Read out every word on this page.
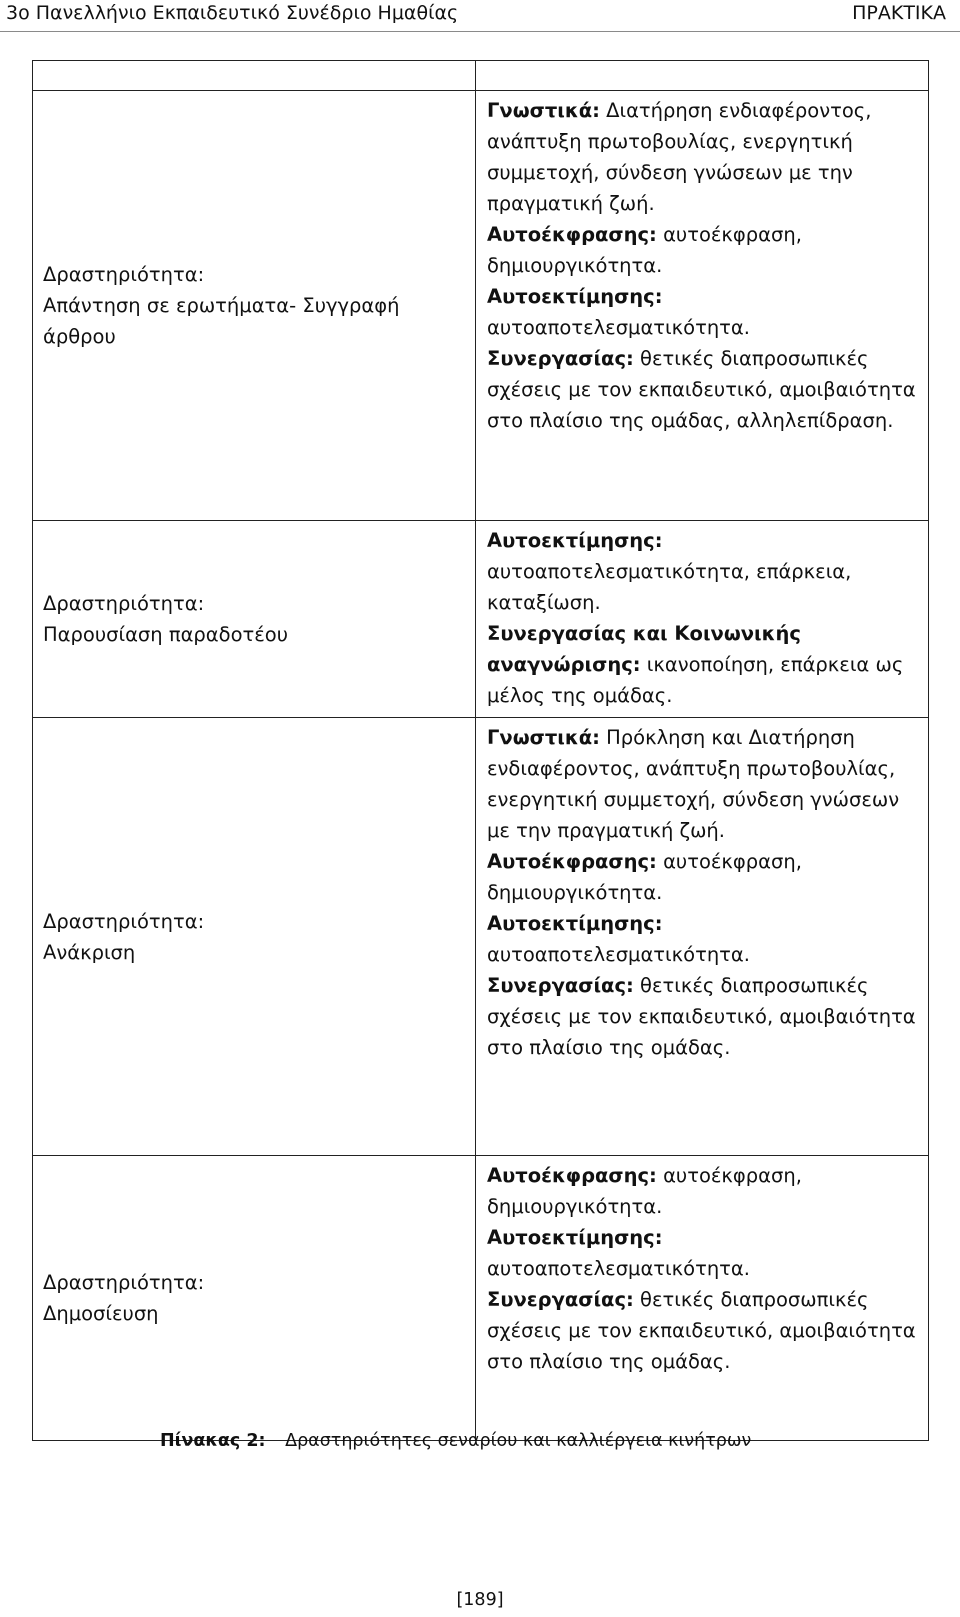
3ο Πανελλήνιο Εκπαιδευτικό Συνέδριο Ημαθίας	ΠΡΑΚΤΙΚΑ

Δραστηριότητα:
Απάντηση σε ερωτήματα- Συγγραφή άρθρου	Γνωστικά: Διατήρηση ενδιαφέροντος, ανάπτυξη πρωτοβουλίας, ενεργητική συμμετοχή, σύνδεση γνώσεων με την πραγματική ζωή.
Αυτοέκφρασης: αυτοέκφραση, δημιουργικότητα.
Αυτοεκτίμησης: αυτοαποτελεσματικότητα.
Συνεργασίας: θετικές διαπροσωπικές σχέσεις με τον εκπαιδευτικό, αμοιβαιότητα στο πλαίσιο της ομάδας, αλληλεπίδραση.

Δραστηριότητα:
Παρουσίαση παραδοτέου	Αυτοεκτίμησης: αυτοαποτελεσματικότητα, επάρκεια, καταξίωση.
Συνεργασίας και Κοινωνικής αναγνώρισης: ικανοποίηση, επάρκεια ως μέλος της ομάδας.

Δραστηριότητα:
Ανάκριση	Γνωστικά: Πρόκληση και Διατήρηση ενδιαφέροντος, ανάπτυξη πρωτοβουλίας, ενεργητική συμμετοχή, σύνδεση γνώσεων με την πραγματική ζωή.
Αυτοέκφρασης: αυτοέκφραση, δημιουργικότητα.
Αυτοεκτίμησης: αυτοαποτελεσματικότητα.
Συνεργασίας: θετικές διαπροσωπικές σχέσεις με τον εκπαιδευτικό, αμοιβαιότητα στο πλαίσιο της ομάδας.

Δραστηριότητα:
Δημοσίευση	Αυτοέκφρασης: αυτοέκφραση, δημιουργικότητα.
Αυτοεκτίμησης: αυτοαποτελεσματικότητα.
Συνεργασίας: θετικές διαπροσωπικές σχέσεις με τον εκπαιδευτικό, αμοιβαιότητα στο πλαίσιο της ομάδας.
Πίνακας 2: Δραστηριότητες σεναρίου και καλλιέργεια κινήτρων
[189]
